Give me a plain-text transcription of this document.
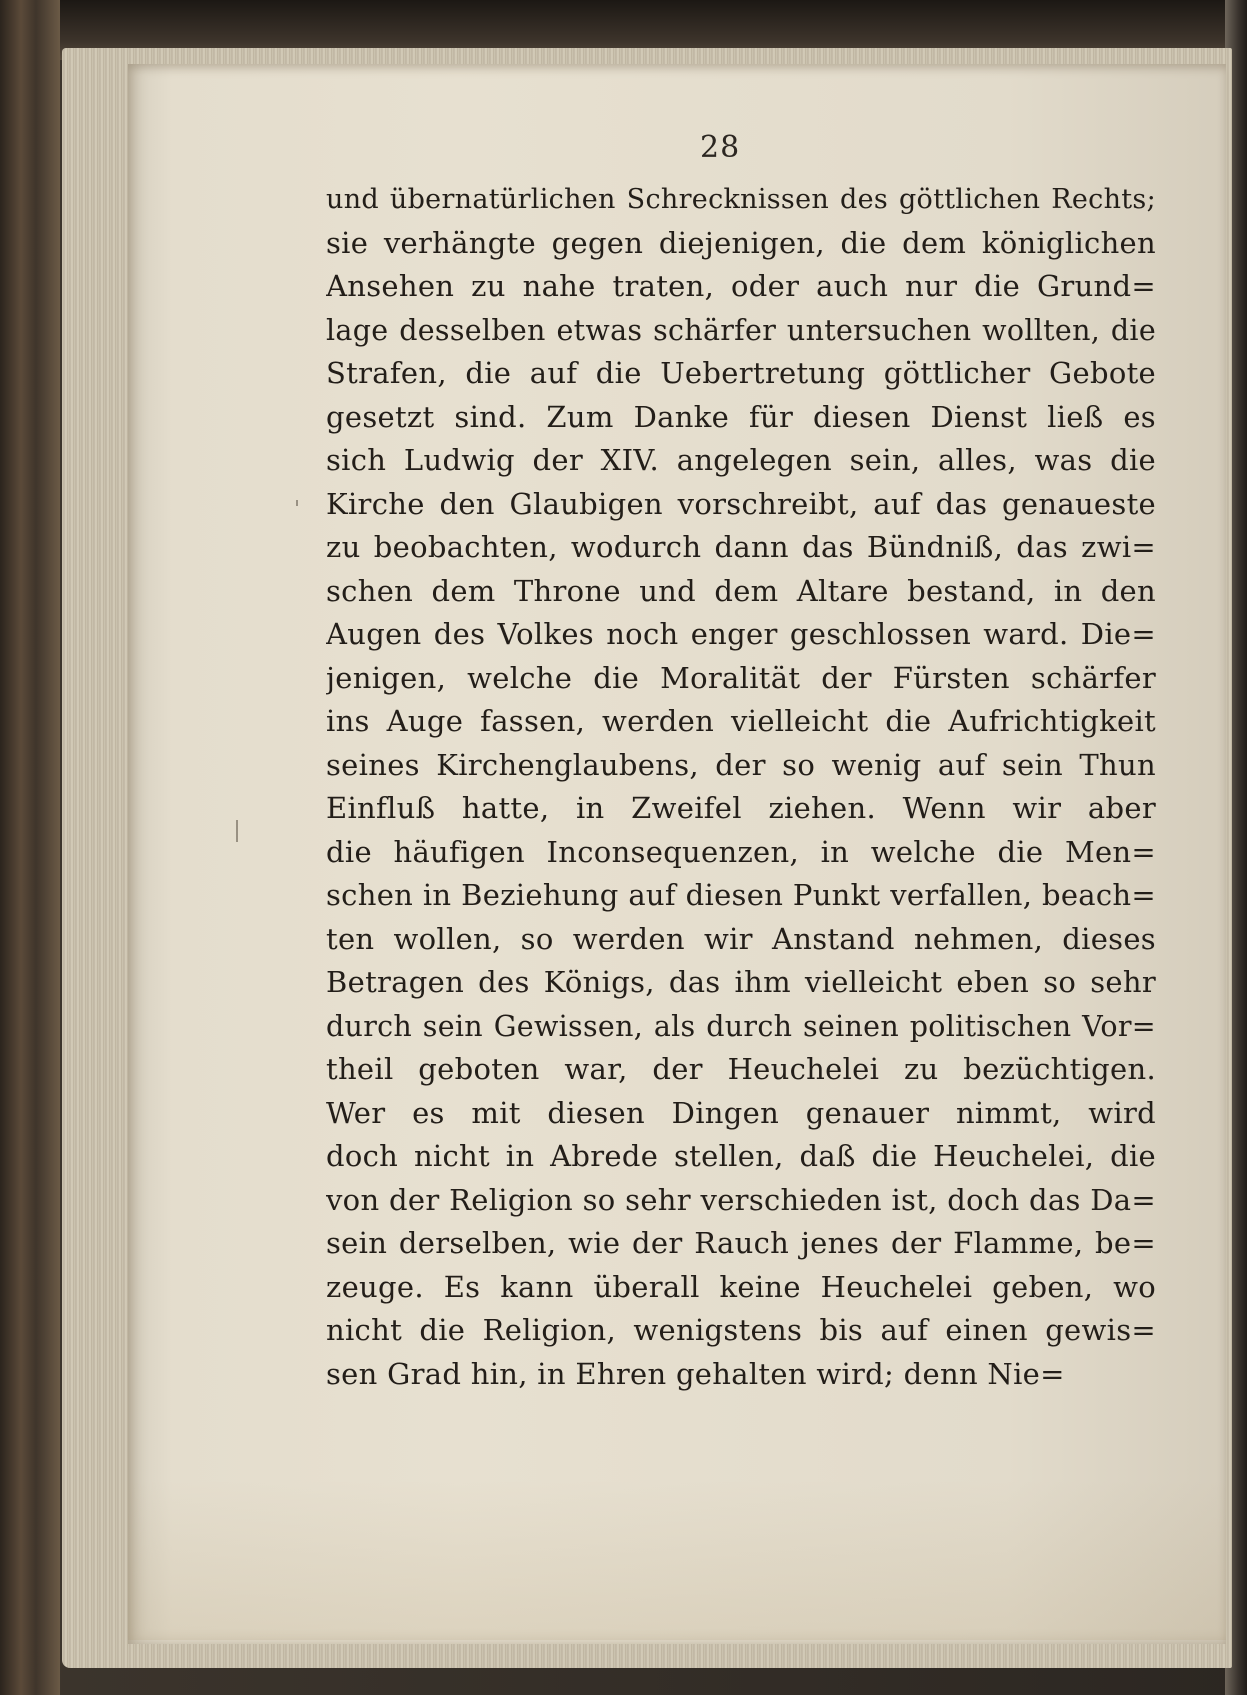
28
und übernatürlichen Schrecknissen des göttlichen Rechts;
sie verhängte gegen diejenigen, die dem königlichen
Ansehen zu nahe traten, oder auch nur die Grund=
lage desselben etwas schärfer untersuchen wollten, die
Strafen, die auf die Uebertretung göttlicher Gebote
gesetzt sind. Zum Danke für diesen Dienst ließ es
sich Ludwig der XIV. angelegen sein, alles, was die
Kirche den Glaubigen vorschreibt, auf das genaueste
zu beobachten, wodurch dann das Bündniß, das zwi=
schen dem Throne und dem Altare bestand, in den
Augen des Volkes noch enger geschlossen ward. Die=
jenigen, welche die Moralität der Fürsten schärfer
ins Auge fassen, werden vielleicht die Aufrichtigkeit
seines Kirchenglaubens, der so wenig auf sein Thun
Einfluß hatte, in Zweifel ziehen. Wenn wir aber
die häufigen Inconsequenzen, in welche die Men=
schen in Beziehung auf diesen Punkt verfallen, beach=
ten wollen, so werden wir Anstand nehmen, dieses
Betragen des Königs, das ihm vielleicht eben so sehr
durch sein Gewissen, als durch seinen politischen Vor=
theil geboten war, der Heuchelei zu bezüchtigen.
Wer es mit diesen Dingen genauer nimmt, wird
doch nicht in Abrede stellen, daß die Heuchelei, die
von der Religion so sehr verschieden ist, doch das Da=
sein derselben, wie der Rauch jenes der Flamme, be=
zeuge. Es kann überall keine Heuchelei geben, wo
nicht die Religion, wenigstens bis auf einen gewis=
sen Grad hin, in Ehren gehalten wird; denn Nie=
